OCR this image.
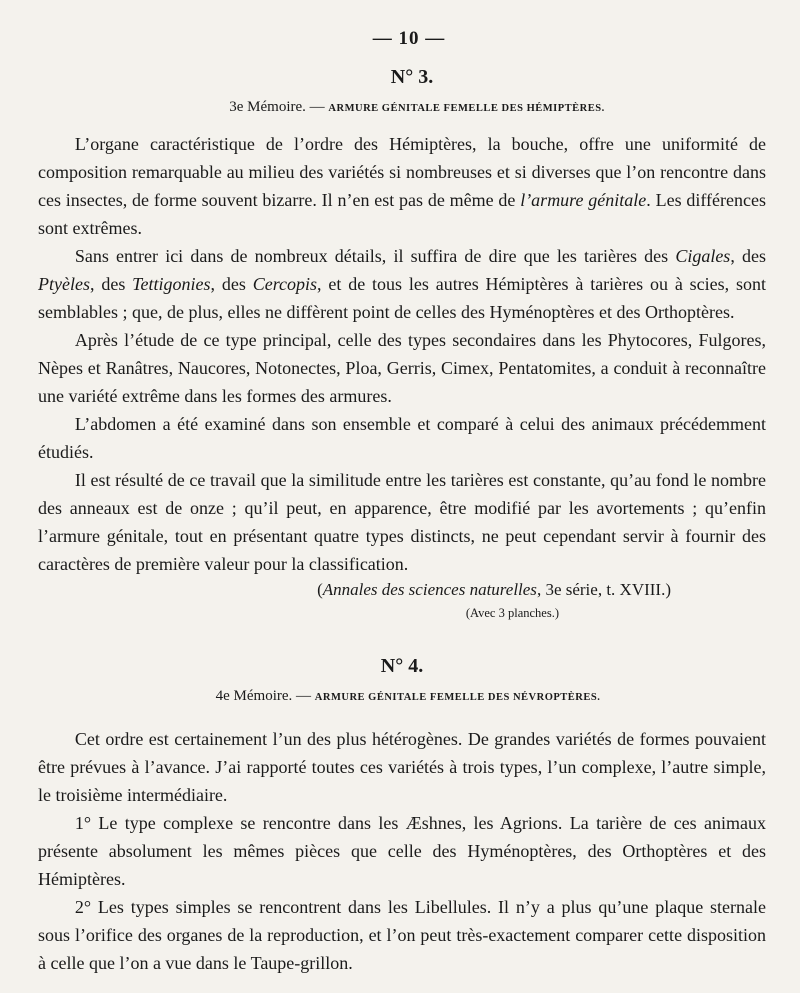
— 10 —
N° 3.
3e Mémoire. — ARMURE GÉNITALE FEMELLE DES HÉMIPTÈRES.

L’organe caractéristique de l’ordre des Hémiptères, la bouche, offre une uniformité de composition remarquable au milieu des variétés si nombreuses et si diverses que l’on rencontre dans ces insectes, de forme souvent bizarre. Il n’en est pas de même de l’armure génitale. Les différences sont extrêmes.

Sans entrer ici dans de nombreux détails, il suffira de dire que les tarières des Cigales, des Ptyèles, des Tettigonies, des Cercopis, et de tous les autres Hémiptères à tarières ou à scies, sont semblables ; que, de plus, elles ne diffèrent point de celles des Hyménoptères et des Orthoptères.

Après l’étude de ce type principal, celle des types secondaires dans les Phytocores, Fulgores, Nèpes et Ranâtres, Naucores, Notonectes, Ploa, Gerris, Cimex, Pentatomites, a conduit à reconnaître une variété extrême dans les formes des armures.

L’abdomen a été examiné dans son ensemble et comparé à celui des animaux précédemment étudiés.

Il est résulté de ce travail que la similitude entre les tarières est constante, qu’au fond le nombre des anneaux est de onze ; qu’il peut, en apparence, être modifié par les avortements ; qu’enfin l’armure génitale, tout en présentant quatre types distincts, ne peut cependant servir à fournir des caractères de première valeur pour la classification.

(Annales des sciences naturelles, 3e série, t. XVIII.)
(Avec 3 planches.)
N° 4.
4e Mémoire. — ARMURE GÉNITALE FEMELLE DES NÉVROPTÈRES.

Cet ordre est certainement l’un des plus hétérogènes. De grandes variétés de formes pouvaient être prévues à l’avance. J’ai rapporté toutes ces variétés à trois types, l’un complexe, l’autre simple, le troisième intermédiaire.

1° Le type complexe se rencontre dans les Æshnes, les Agrions. La tarière de ces animaux présente absolument les mêmes pièces que celle des Hyménoptères, des Orthoptères et des Hémiptères.

2° Les types simples se rencontrent dans les Libellules. Il n’y a plus qu’une plaque sternale sous l’orifice des organes de la reproduction, et l’on peut très-exactement comparer cette disposition à celle que l’on a vue dans le Taupe-grillon.
